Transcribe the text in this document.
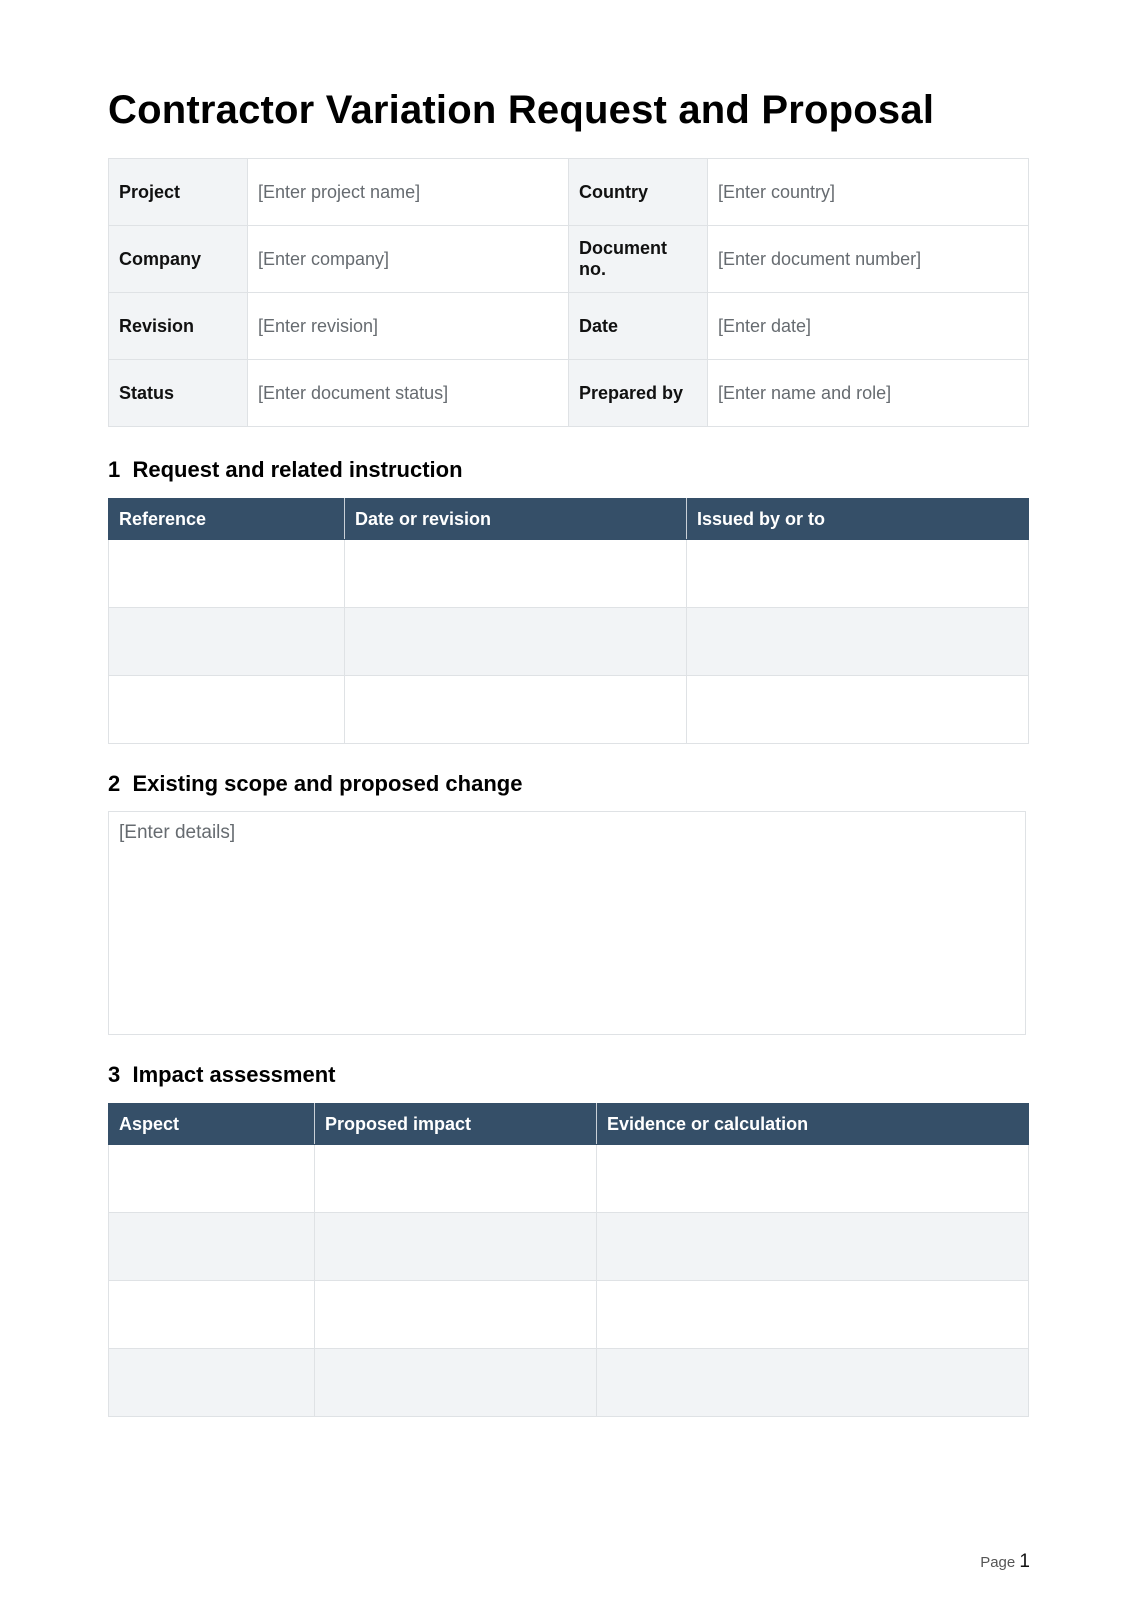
Contractor Variation Request and Proposal
Project	[Enter project name]	Country	[Enter country]
Company	[Enter company]	Document no.	[Enter document number]
Revision	[Enter revision]	Date	[Enter date]
Status	[Enter document status]	Prepared by	[Enter name and role]
1 Request and related instruction
Reference	Date or revision	Issued by or to

2 Existing scope and proposed change
[Enter details]
3 Impact assessment
Aspect	Proposed impact	Evidence or calculation

Page 1
